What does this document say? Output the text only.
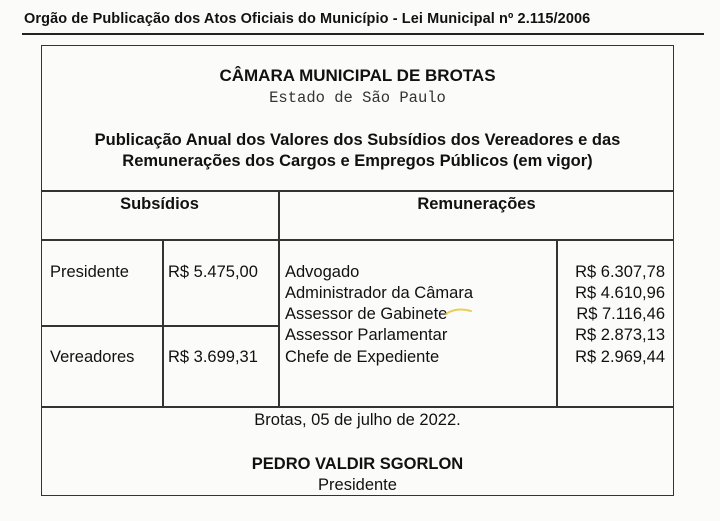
Orgão de Publicação dos Atos Oficiais do Município - Lei Municipal nº 2.115/2006
CÂMARA MUNICIPAL DE BROTAS
Estado de São Paulo
Publicação Anual dos Valores dos Subsídios dos Vereadores e das
Remunerações dos Cargos e Empregos Públicos (em vigor)
Subsídios	Remunerações
Presidente R$ 5.475,00
Vereadores R$ 3.699,31
Advogado
Administrador da Câmara
Assessor de Gabinete
Assessor Parlamentar
Chefe de Expediente
R$ 6.307,78
R$ 4.610,96
R$ 7.116,46
R$ 2.873,13
R$ 2.969,44
Brotas, 05 de julho de 2022.
PEDRO VALDIR SGORLON
Presidente
